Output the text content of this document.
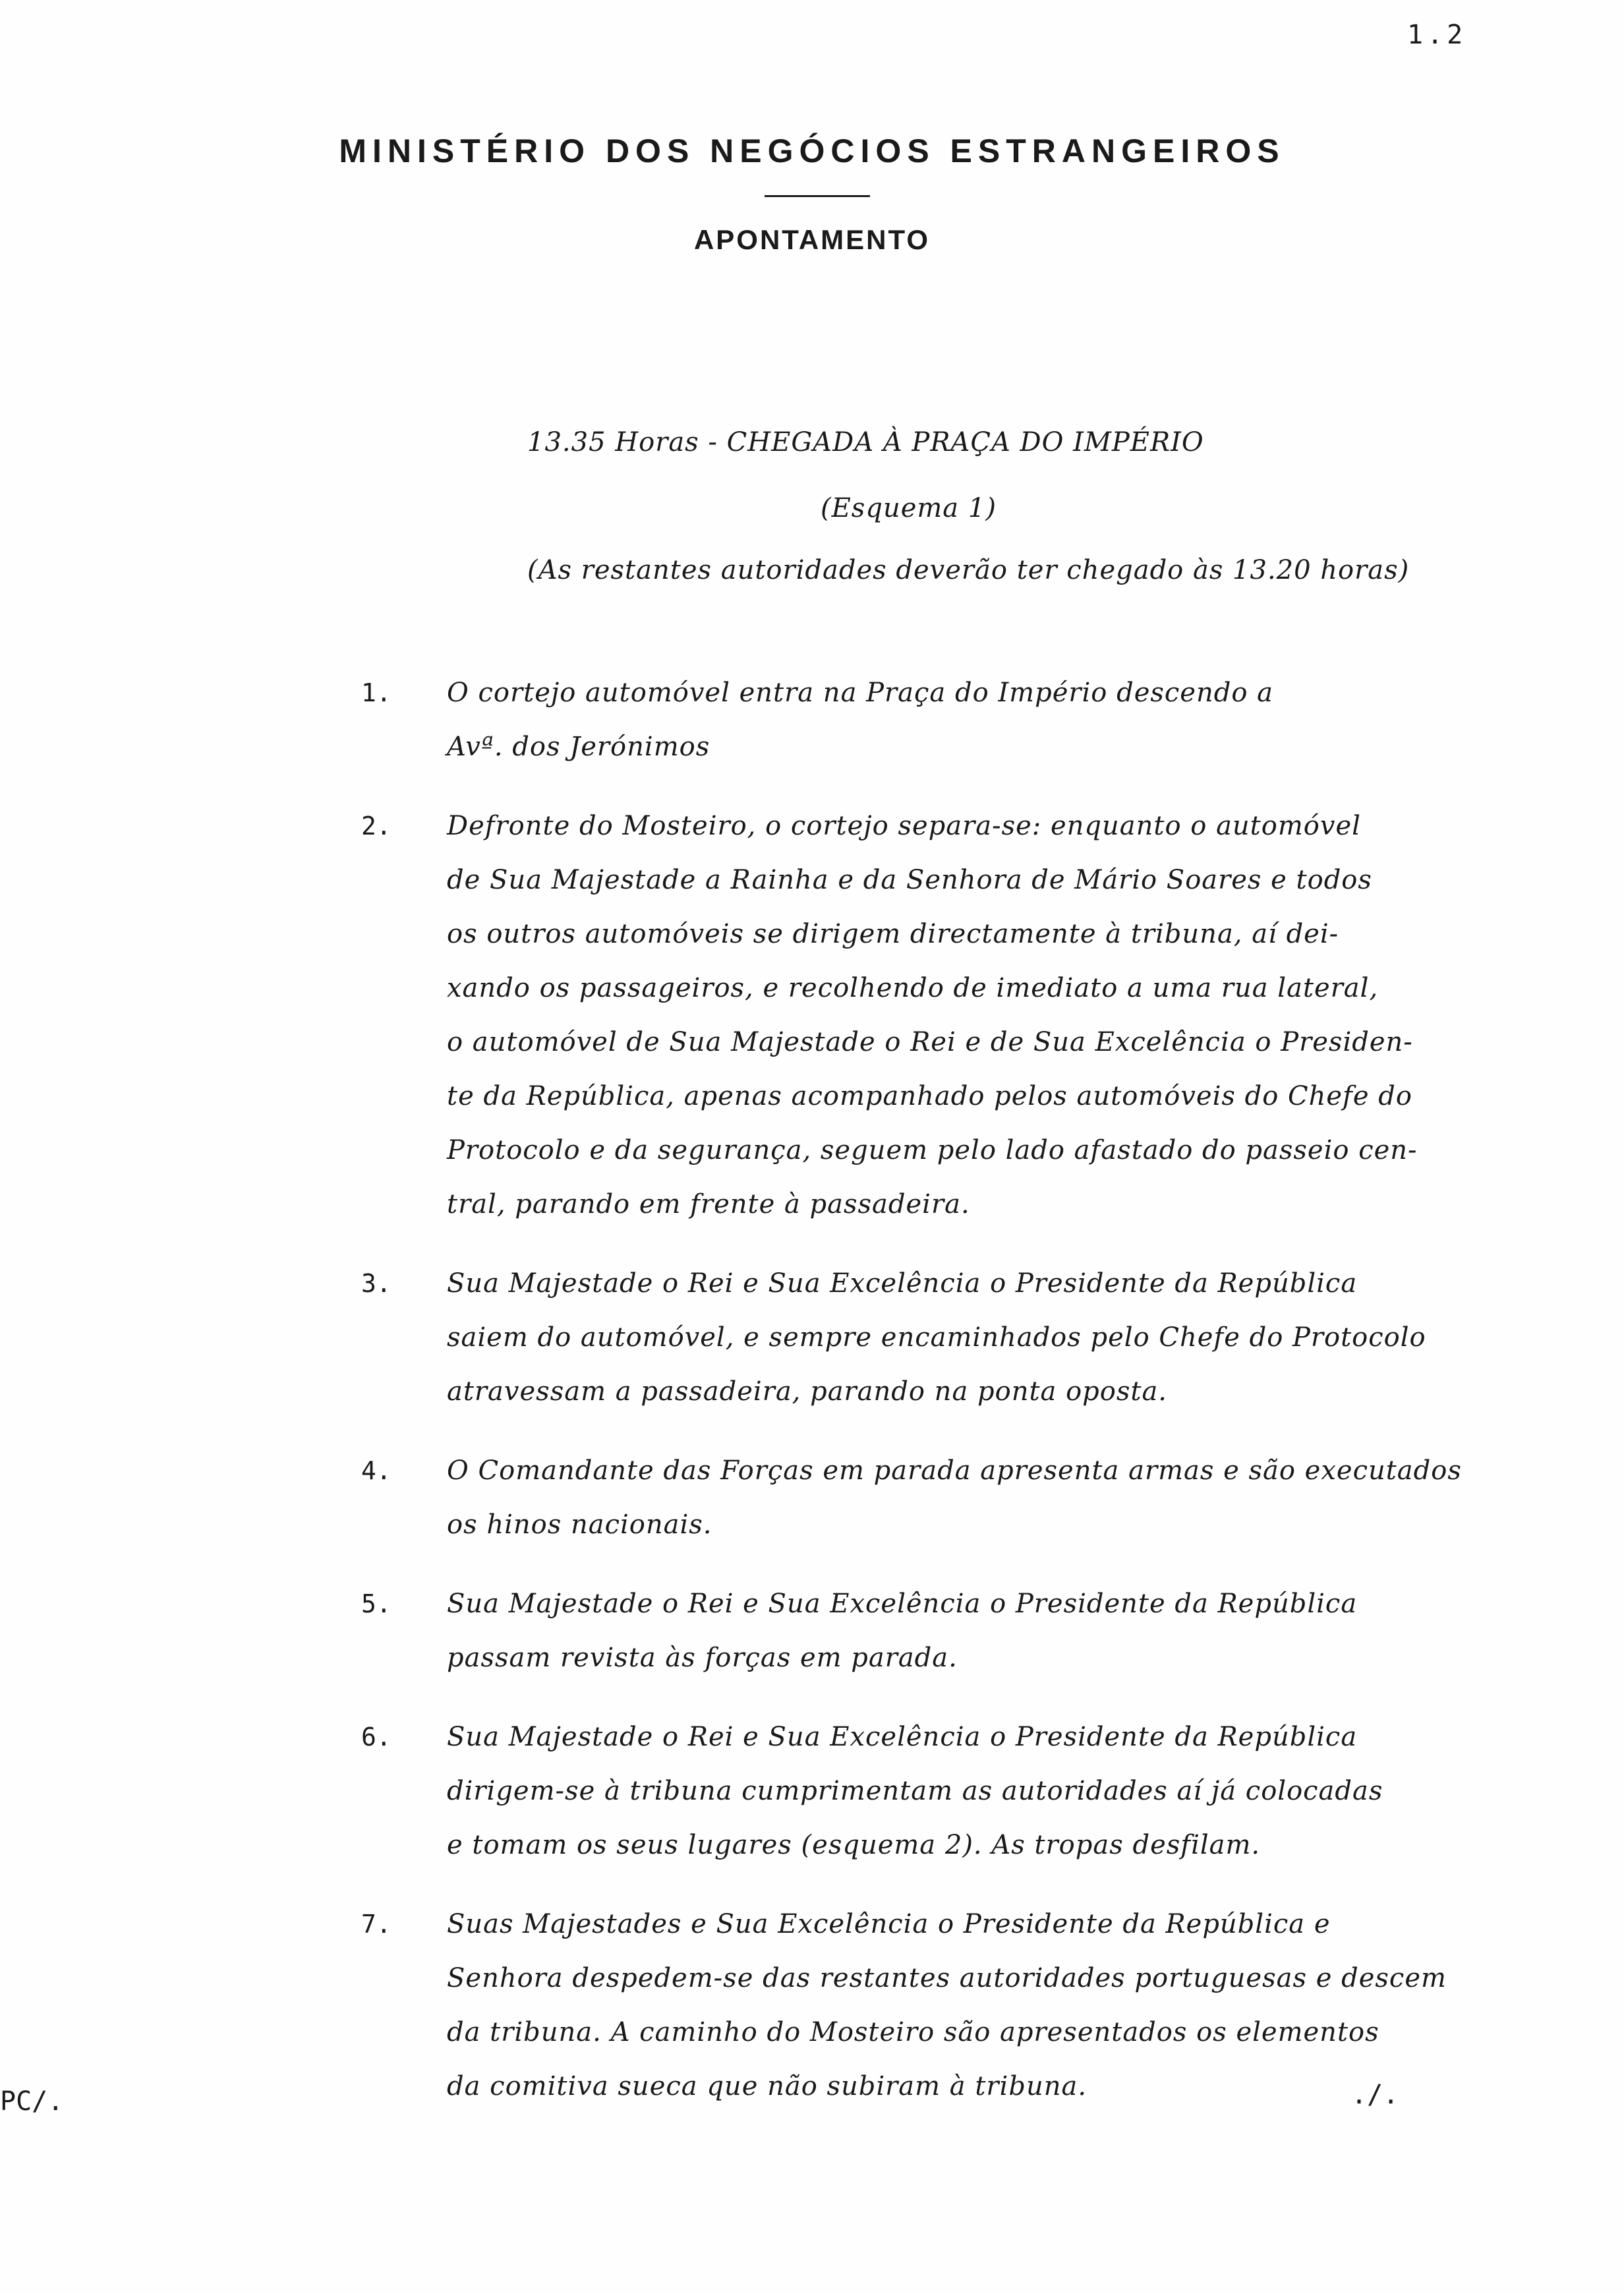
1.2
MINISTÉRIO DOS NEGÓCIOS ESTRANGEIROS
APONTAMENTO
13.35 Horas - CHEGADA À PRAÇA DO IMPÉRIO
(Esquema 1)
(As restantes autoridades deverão ter chegado às 13.20 horas)
1.	O cortejo automóvel entra na Praça do Império descendo a
Avª. dos Jerónimos
2.	Defronte do Mosteiro, o cortejo separa-se: enquanto o automóvel
de Sua Majestade a Rainha e da Senhora de Mário Soares e todos
os outros automóveis se dirigem directamente à tribuna, aí dei-
xando os passageiros, e recolhendo de imediato a uma rua lateral,
o automóvel de Sua Majestade o Rei e de Sua Excelência o Presiden-
te da República, apenas acompanhado pelos automóveis do Chefe do
Protocolo e da segurança, seguem pelo lado afastado do passeio cen-
tral, parando em frente à passadeira.
3.	Sua Majestade o Rei e Sua Excelência o Presidente da República
saiem do automóvel, e sempre encaminhados pelo Chefe do Protocolo
atravessam a passadeira, parando na ponta oposta.
4.	O Comandante das Forças em parada apresenta armas e são executados
os hinos nacionais.
5.	Sua Majestade o Rei e Sua Excelência o Presidente da República
passam revista às forças em parada.
6.	Sua Majestade o Rei e Sua Excelência o Presidente da República
dirigem-se à tribuna cumprimentam as autoridades aí já colocadas
e tomam os seus lugares (esquema 2). As tropas desfilam.
7.	Suas Majestades e Sua Excelência o Presidente da República e
Senhora despedem-se das restantes autoridades portuguesas e descem
da tribuna. A caminho do Mosteiro são apresentados os elementos
da comitiva sueca que não subiram à tribuna.
PC/.	./.
